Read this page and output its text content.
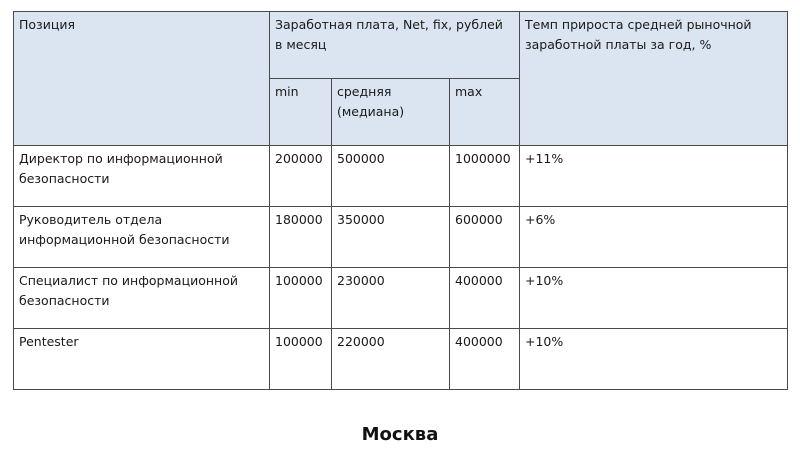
Позиция	Заработная плата, Net, fix, рублей в месяц			Темп прироста средней рыночной заработной платы за год, %
	min	средняя (медиана)	max	
Директор по информационной безопасности	200000	500000	1000000	+11%
Руководитель отдела информационной безопасности	180000	350000	600000	+6%
Специалист по информационной безопасности	100000	230000	400000	+10%
Pentester	100000	220000	400000	+10%
Москва
